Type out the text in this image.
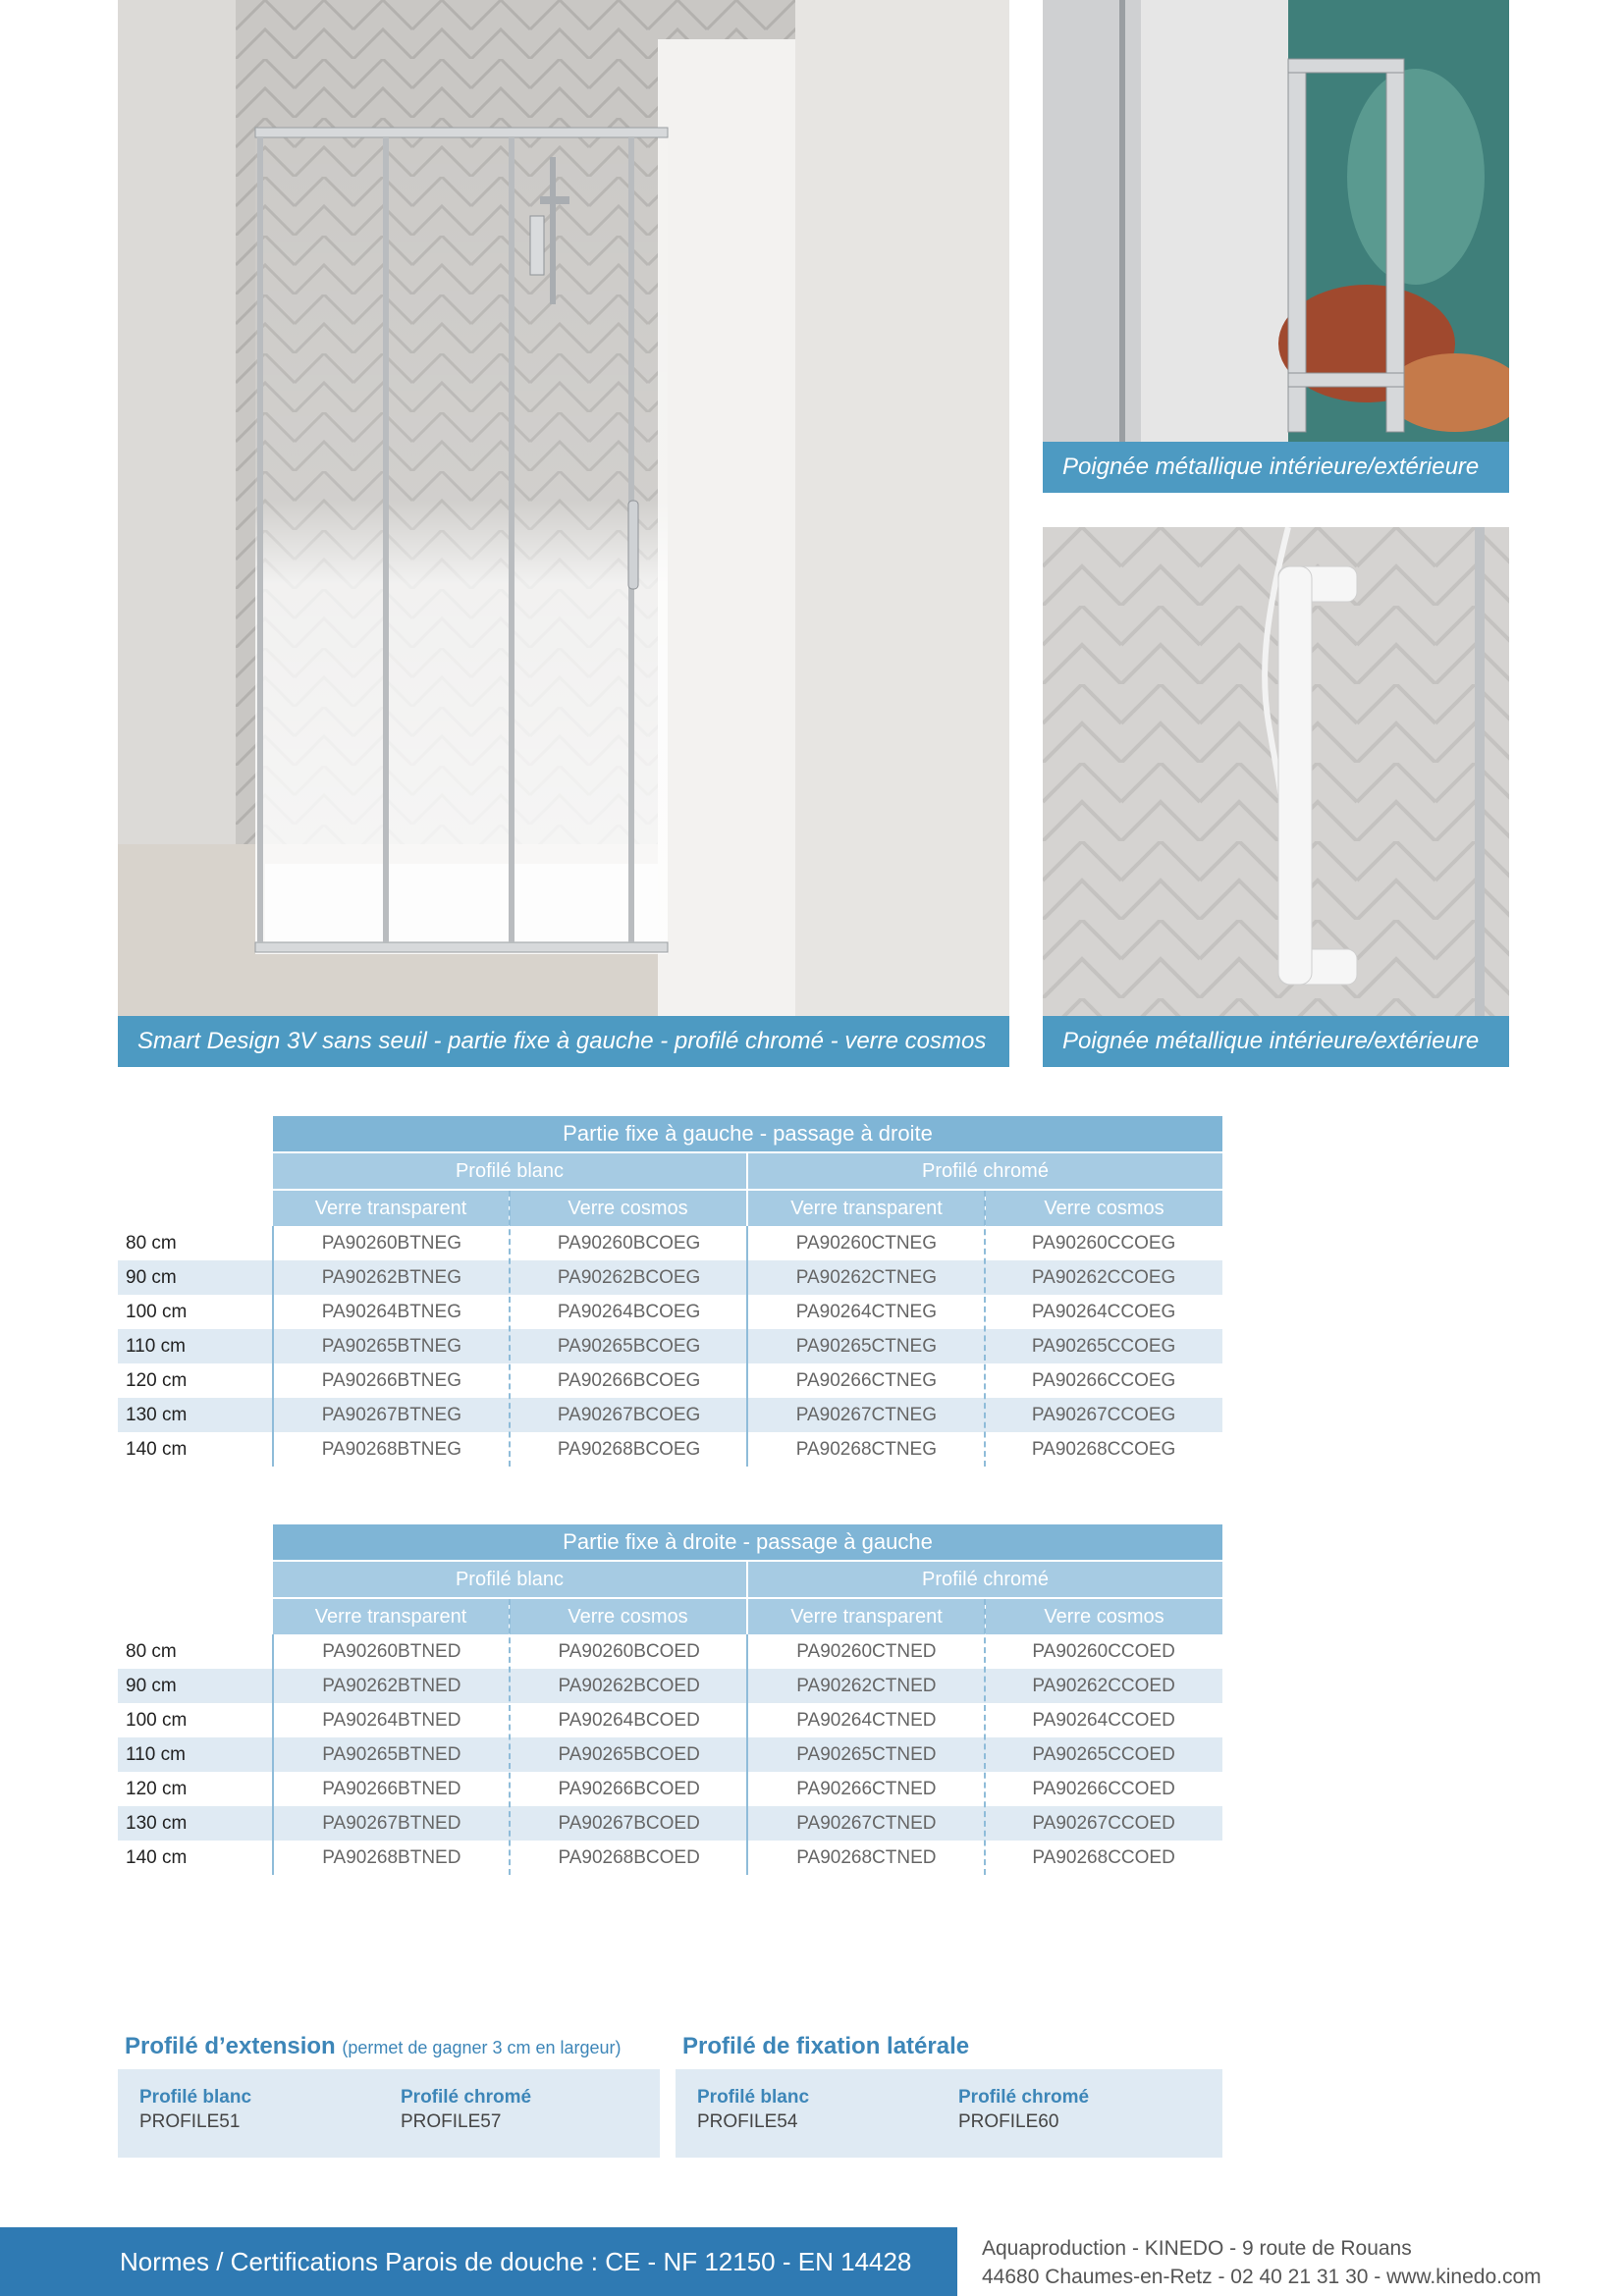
Smart Design 3V sans seuil - partie fixe à gauche - profilé chromé - verre cosmos
Poignée métallique intérieure/extérieure
Poignée métallique intérieure/extérieure
Partie fixe à gauche - passage à droite
Profilé blanc	Profilé chromé
Verre transparent	Verre cosmos	Verre transparent	Verre cosmos
80 cm	PA90260BTNEG	PA90260BCOEG	PA90260CTNEG	PA90260CCOEG
90 cm	PA90262BTNEG	PA90262BCOEG	PA90262CTNEG	PA90262CCOEG
100 cm	PA90264BTNEG	PA90264BCOEG	PA90264CTNEG	PA90264CCOEG
110 cm	PA90265BTNEG	PA90265BCOEG	PA90265CTNEG	PA90265CCOEG
120 cm	PA90266BTNEG	PA90266BCOEG	PA90266CTNEG	PA90266CCOEG
130 cm	PA90267BTNEG	PA90267BCOEG	PA90267CTNEG	PA90267CCOEG
140 cm	PA90268BTNEG	PA90268BCOEG	PA90268CTNEG	PA90268CCOEG
Partie fixe à droite - passage à gauche
Profilé blanc	Profilé chromé
Verre transparent	Verre cosmos	Verre transparent	Verre cosmos
80 cm	PA90260BTNED	PA90260BCOED	PA90260CTNED	PA90260CCOED
90 cm	PA90262BTNED	PA90262BCOED	PA90262CTNED	PA90262CCOED
100 cm	PA90264BTNED	PA90264BCOED	PA90264CTNED	PA90264CCOED
110 cm	PA90265BTNED	PA90265BCOED	PA90265CTNED	PA90265CCOED
120 cm	PA90266BTNED	PA90266BCOED	PA90266CTNED	PA90266CCOED
130 cm	PA90267BTNED	PA90267BCOED	PA90267CTNED	PA90267CCOED
140 cm	PA90268BTNED	PA90268BCOED	PA90268CTNED	PA90268CCOED
Profilé d’extension (permet de gagner 3 cm en largeur)
Profilé blanc
PROFILE51
Profilé chromé
PROFILE57
Profilé de fixation latérale
Profilé blanc
PROFILE54
Profilé chromé
PROFILE60
Normes / Certifications Parois de douche : CE - NF 12150 - EN 14428	Aquaproduction - KINEDO - 9 route de Rouans
44680 Chaumes-en-Retz - 02 40 21 31 30 - www.kinedo.com
